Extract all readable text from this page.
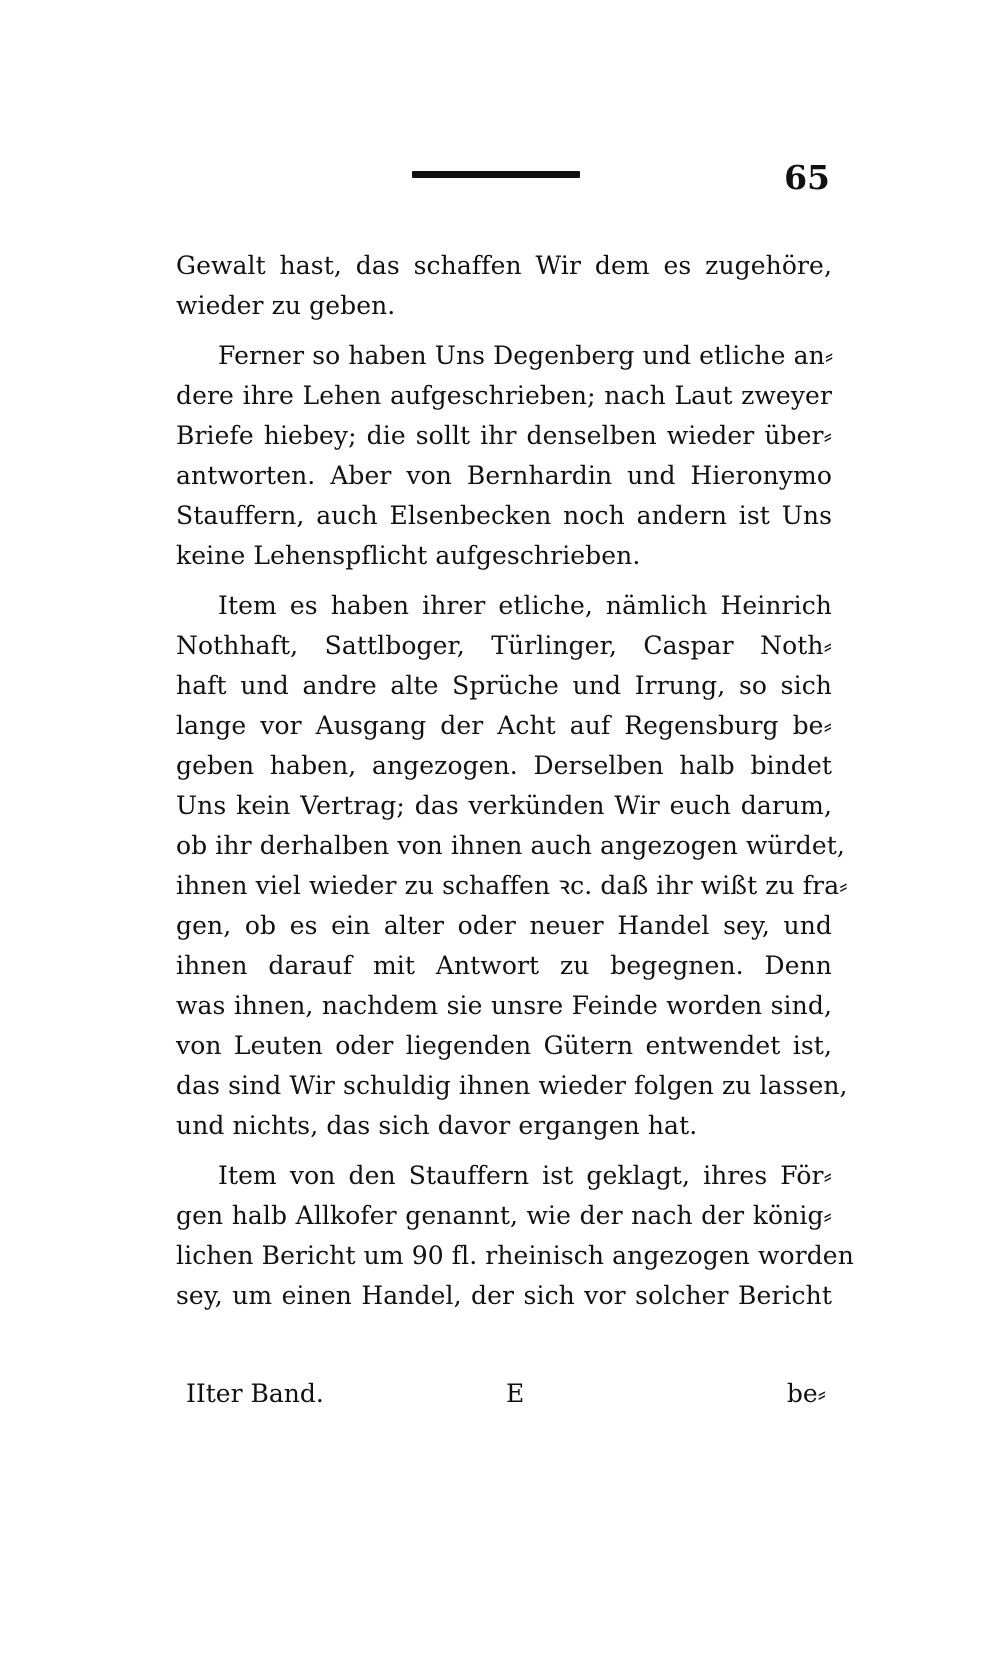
65
Gewalt hast, das schaffen Wir dem es zugehöre,
wieder zu geben.
Ferner so haben Uns Degenberg und etliche an⸗
dere ihre Lehen aufgeschrieben; nach Laut zweyer
Briefe hiebey; die sollt ihr denselben wieder über⸗
antworten. Aber von Bernhardin und Hieronymo
Stauffern, auch Elsenbecken noch andern ist Uns
keine Lehenspflicht aufgeschrieben.
Item es haben ihrer etliche, nämlich Heinrich
Nothhaft, Sattlboger, Türlinger, Caspar Noth⸗
haft und andre alte Sprüche und Irrung, so sich
lange vor Ausgang der Acht auf Regensburg be⸗
geben haben, angezogen. Derselben halb bindet
Uns kein Vertrag; das verkünden Wir euch darum,
ob ihr derhalben von ihnen auch angezogen würdet,
ihnen viel wieder zu schaffen ꝛc. daß ihr wißt zu fra⸗
gen, ob es ein alter oder neuer Handel sey, und
ihnen darauf mit Antwort zu begegnen. Denn
was ihnen, nachdem sie unsre Feinde worden sind,
von Leuten oder liegenden Gütern entwendet ist,
das sind Wir schuldig ihnen wieder folgen zu lassen,
und nichts, das sich davor ergangen hat.
Item von den Stauffern ist geklagt, ihres För⸗
gen halb Allkofer genannt, wie der nach der könig⸗
lichen Bericht um 90 fl. rheinisch angezogen worden
sey, um einen Handel, der sich vor solcher Bericht
IIter Band.	E	be⸗
